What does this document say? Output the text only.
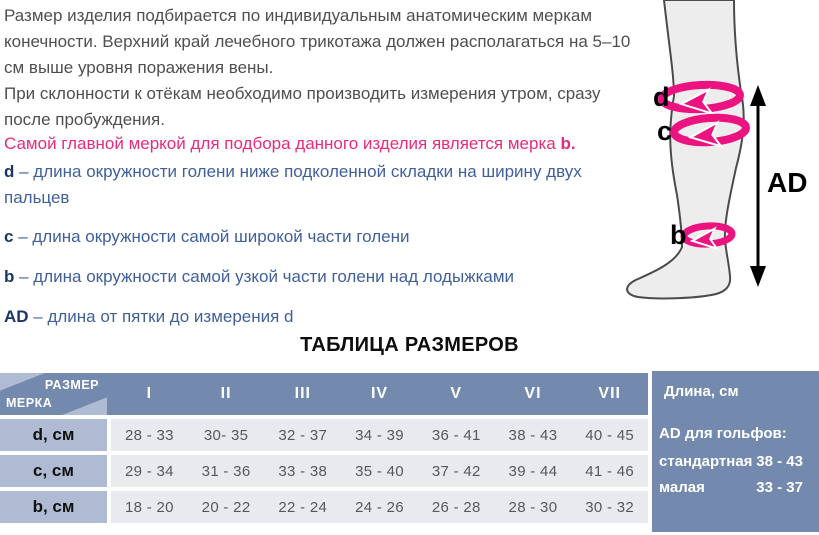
Размер изделия подбирается по индивидуальным анатомическим меркам конечности. Верхний край лечебного трикотажа должен располагаться на 5–10 см выше уровня поражения вены.

При склонности к отёкам необходимо производить измерения утром, сразу после пробуждения.

Самой главной меркой для подбора данного изделия является мерка b.

d – длина окружности голени ниже подколенной складки на ширину двух пальцев

c – длина окружности самой широкой части голени

b – длина окружности самой узкой части голени над лодыжками

AD – длина от пятки до измерения d

AD
d
c
b
ТАБЛИЦА РАЗМЕРОВ
РАЗМЕР
МЕРКА
I	II	III	IV	V	VI	VII
d, см	28 - 33	30- 35	32 - 37	34 - 39	36 - 41	38 - 43	40 - 45
c, см	29 - 34	31 - 36	33 - 38	35 - 40	37 - 42	39 - 44	41 - 46
b, см	18 - 20	20 - 22	22 - 24	24 - 26	26 - 28	28 - 30	30 - 32
Длина, см
AD для гольфов:
стандартная 38 - 43
малая	33 - 37
